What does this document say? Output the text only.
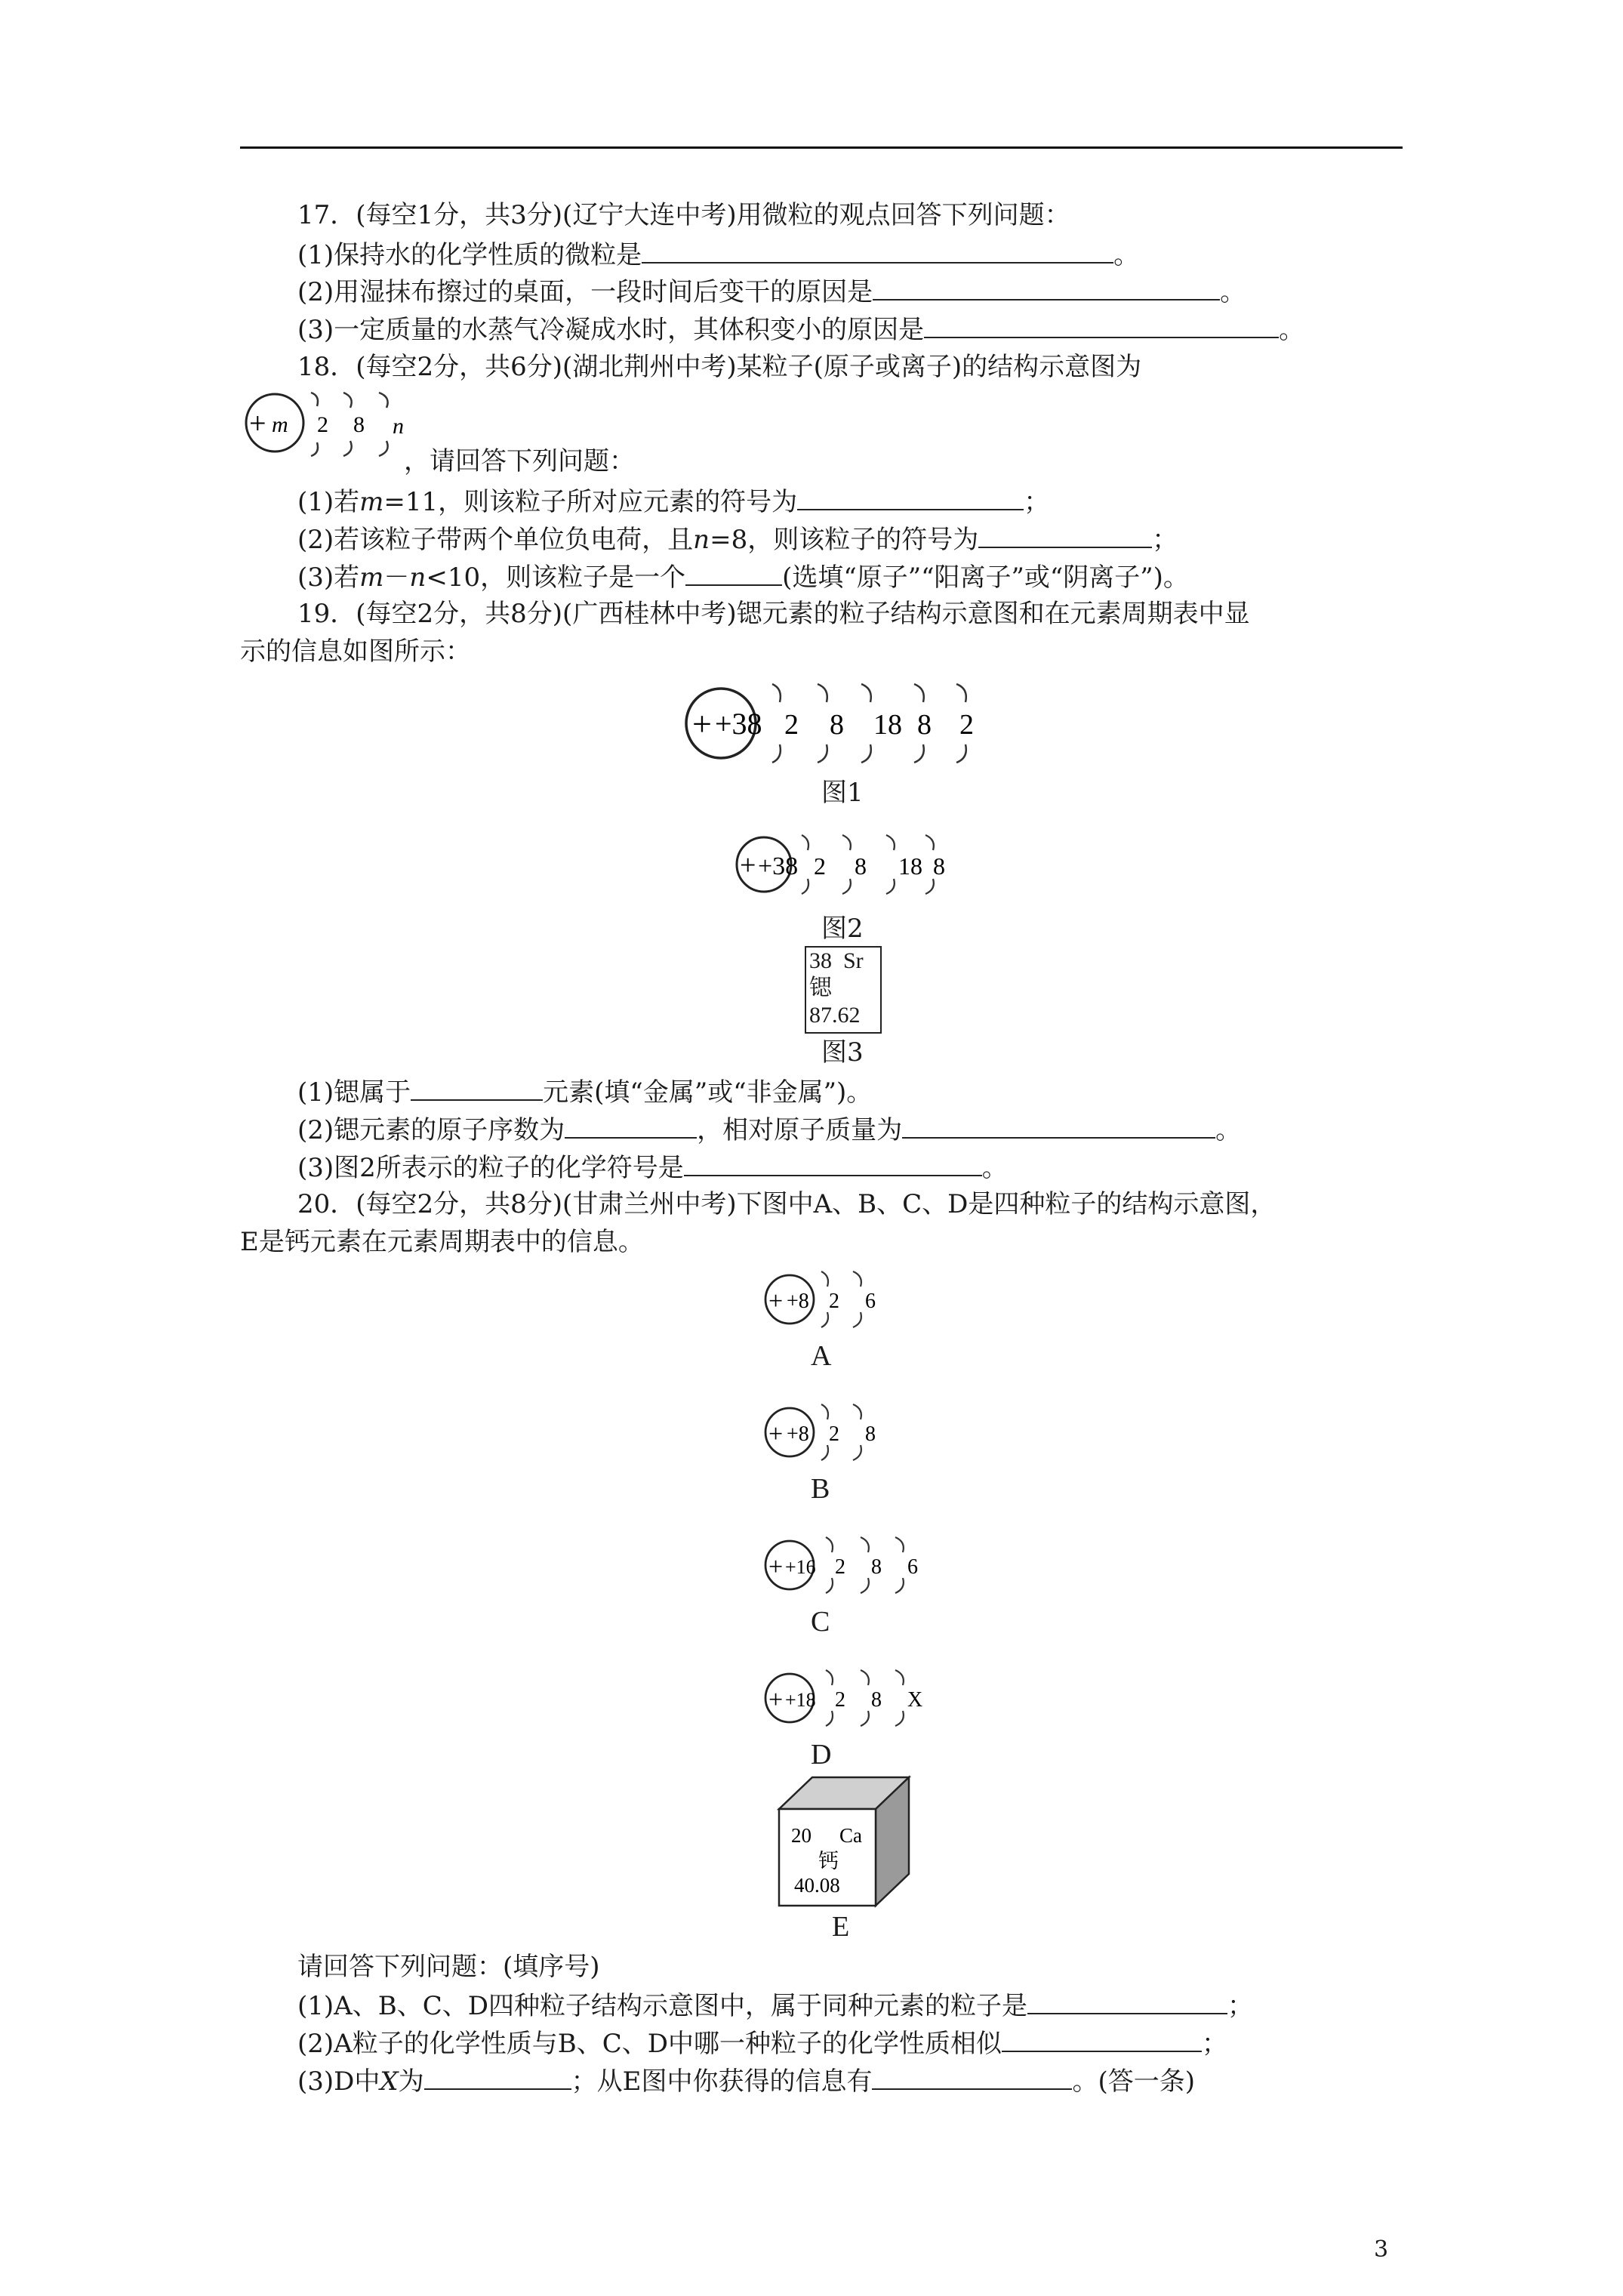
17．(每空1分，共3分)(辽宁大连中考)用微粒的观点回答下列问题：
(1)保持水的化学性质的微粒是	。
(2)用湿抹布擦过的桌面，一段时间后变干的原因是	。
(3)一定质量的水蒸气冷凝成水时，其体积变小的原因是	。
18．(每空2分，共6分)(湖北荆州中考)某粒子(原子或离子)的结构示意图为
+ m 2 8 n
，请回答下列问题：
(1)若m=11，则该粒子所对应元素的符号为	；
(2)若该粒子带两个单位负电荷，且n=8，则该粒子的符号为	；
(3)若m－n<10，则该粒子是一个	(选填“原子”“阳离子”或“阴离子”)。
19．(每空2分，共8分)(广西桂林中考)锶元素的粒子结构示意图和在元素周期表中显
示的信息如图所示：
+ +38 2 8 18 8 2
图1
+ +38 2 8 18 8
图2
38 Sr
锶
87.62
图3
(1)锶属于	元素(填“金属”或“非金属”)。
(2)锶元素的原子序数为	，相对原子质量为	。
(3)图2所表示的粒子的化学符号是	。
20．(每空2分，共8分)(甘肃兰州中考)下图中A、B、C、D是四种粒子的结构示意图，
E是钙元素在元素周期表中的信息。
+ +8 2 6
A
+ +8 2 8
B
+ +16 2 8 6
C
+ +18 2 8 X
D
20 Ca
钙
40.08
E
请回答下列问题：(填序号)
(1)A、B、C、D四种粒子结构示意图中，属于同种元素的粒子是	；
(2)A粒子的化学性质与B、C、D中哪一种粒子的化学性质相似	；
(3)D中X为	；从E图中你获得的信息有	。(答一条)
3
